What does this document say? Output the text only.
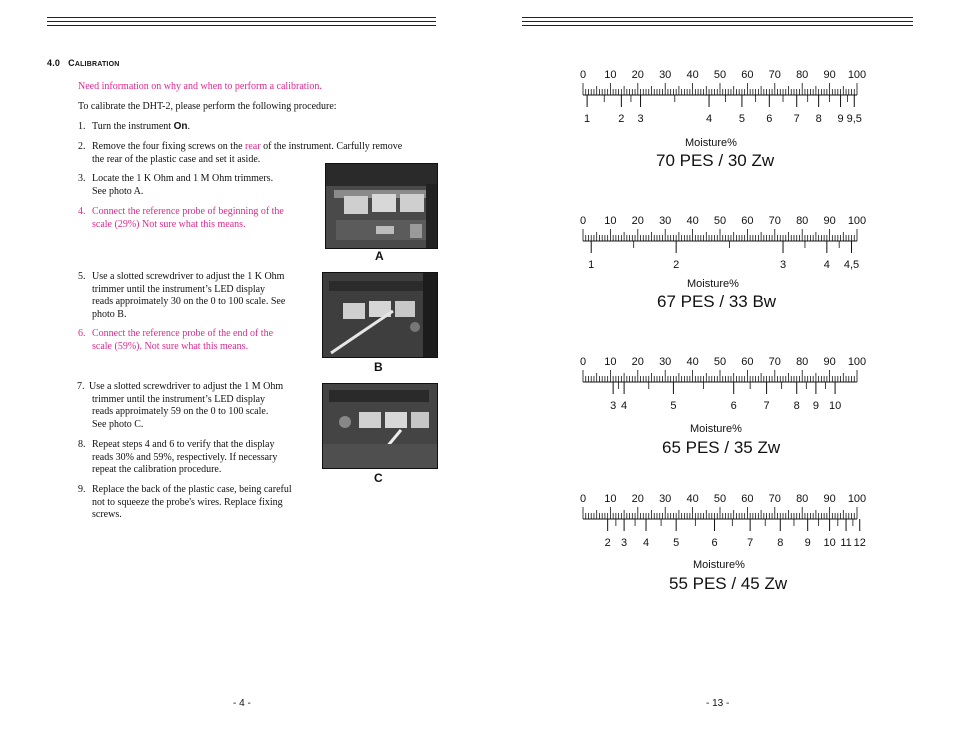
4.0 CALIBRATION
Need information on why and when to perform a calibration.
To calibrate the DHT-2, please perform the following procedure:
1. Turn the instrument On.
2. Remove the four fixing screws on the rear of the instrument. Carfully remove
the rear of the plastic case and set it aside.
3. Locate the 1 K Ohm and 1 M Ohm trimmers.
See photo A.
4. Connect the reference probe of beginning of the
scale (29%) Not sure what this means.
5. Use a slotted screwdriver to adjust the 1 K Ohm
trimmer until the instrument’s LED display
reads approimately 30 on the 0 to 100 scale. See
photo B.
6. Connect the reference probe of the end of the
scale (59%). Not sure what this means.
7. Use a slotted screwdriver to adjust the 1 M Ohm
trimmer until the instrument’s LED display
reads approimately 59 on the 0 to 100 scale.
See photo C.
8. Repeat steps 4 and 6 to verify that the display
reads 30% and 59%, respectively. If necessary
repeat the calibration procedure.
9. Replace the back of the plastic case, being careful
not to squeeze the probe's wires. Replace fixing
screws.
A
B
C
- 4 -
0 10 20 30 40 50 60 70 80 90 100
1	2 3	4 5 6 7 8 9 9,5
Moisture%
70 PES / 30 Zw
0 10 20 30 40 50 60 70 80 90 100
1	2	3	4 4,5
Moisture%
67 PES / 33 Bw
0 10 20 30 40 50 60 70 80 90 100
3 4	5	6 7 8 9 10
Moisture%
65 PES / 35 Zw
0 10 20 30 40 50 60 70 80 90 100
2 3 4 5	6	7 8 9 10 11 12
Moisture%
55 PES / 45 Zw
- 13 -
